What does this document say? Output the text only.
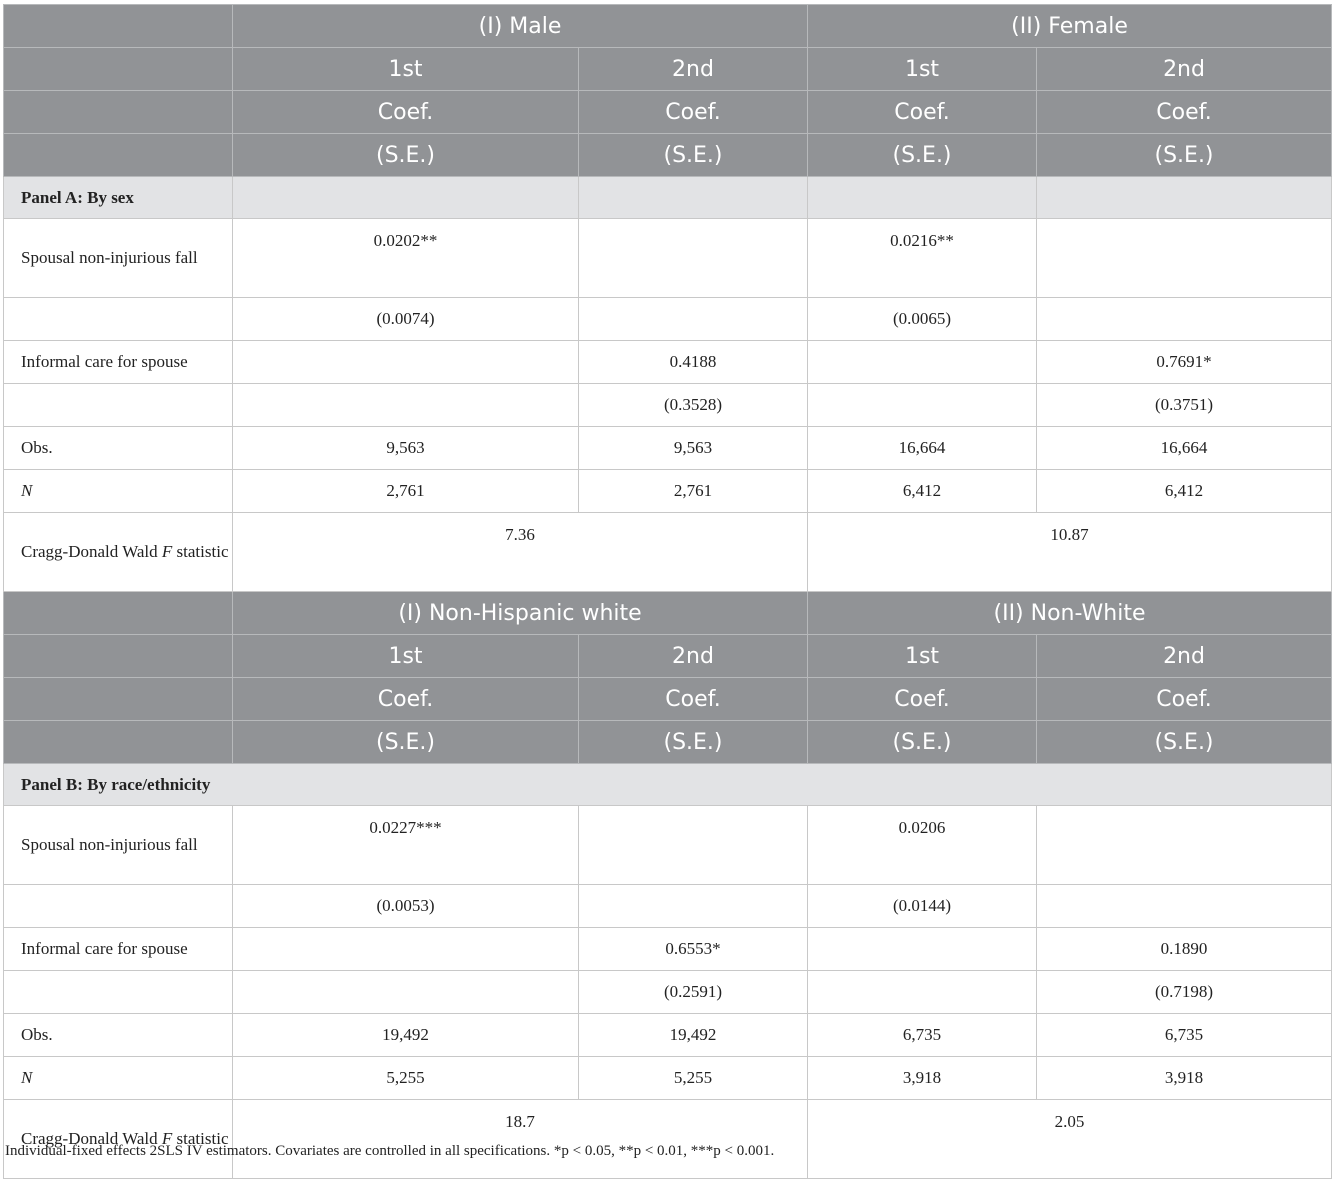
	(I) Male		(II) Female	
	1st	2nd	1st	2nd
	Coef.	Coef.	Coef.	Coef.
	(S.E.)	(S.E.)	(S.E.)	(S.E.)
Panel A: By sex				
Spousal non-injurious fall	0.0202**		0.0216**	
	(0.0074)		(0.0065)	
Informal care for spouse		0.4188		0.7691*
		(0.3528)		(0.3751)
Obs.	9,563	9,563	16,664	16,664
N	2,761	2,761	6,412	6,412
Cragg-Donald Wald F statistic	7.36		10.87	
	(I) Non-Hispanic white		(II) Non-White	
	1st	2nd	1st	2nd
	Coef.	Coef.	Coef.	Coef.
	(S.E.)	(S.E.)	(S.E.)	(S.E.)
Panel B: By race/ethnicity				
Spousal non-injurious fall	0.0227***		0.0206	
	(0.0053)		(0.0144)	
Informal care for spouse		0.6553*		0.1890
		(0.2591)		(0.7198)
Obs.	19,492	19,492	6,735	6,735
N	5,255	5,255	3,918	3,918
Cragg-Donald Wald F statistic	18.7		2.05	
Individual-fixed effects 2SLS IV estimators. Covariates are controlled in all specifications. *p < 0.05, **p < 0.01, ***p < 0.001.
